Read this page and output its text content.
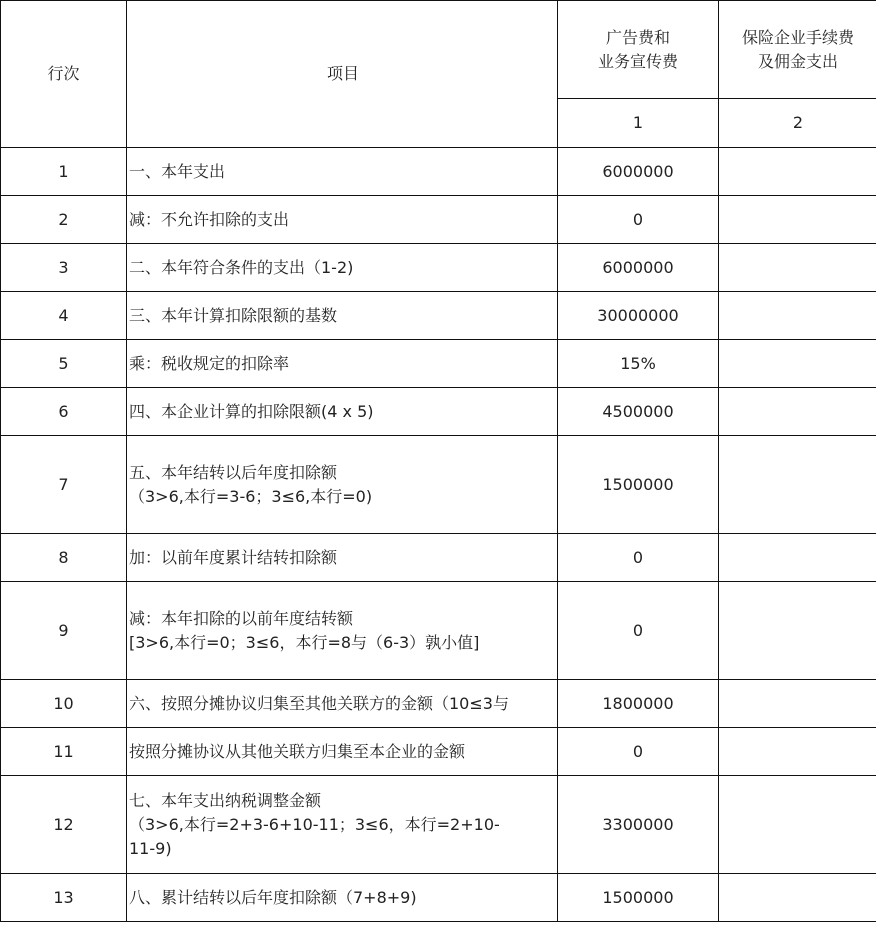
行次	项目	广告费和
业务宣传费	保险企业手续费
及佣金支出

		1	2
1	一、本年支出	6000000	
2	减：不允许扣除的支出	0	
3	二、本年符合条件的支出（1-2)	6000000	
4	三、本年计算扣除限额的基数	30000000	
5	乘：税收规定的扣除率	15%	
6	四、本企业计算的扣除限额(4 x 5)	4500000	
7	五、本年结转以后年度扣除额
（3>6,本行=3-6；3≤6,本行=0)	1500000	
8	加：以前年度累计结转扣除额	0	
9	减：本年扣除的以前年度结转额
[3>6,本行=0；3≤6，本行=8与（6-3）孰小值]	0	
10	六、按照分摊协议归集至其他关联方的金额（10≤3与	1800000	
11	按照分摊协议从其他关联方归集至本企业的金额	0	
12	七、本年支出纳税调整金额
（3>6,本行=2+3-6+10-11；3≤6，本行=2+10-
11-9)	3300000	
13	八、累计结转以后年度扣除额（7+8+9)	1500000	
